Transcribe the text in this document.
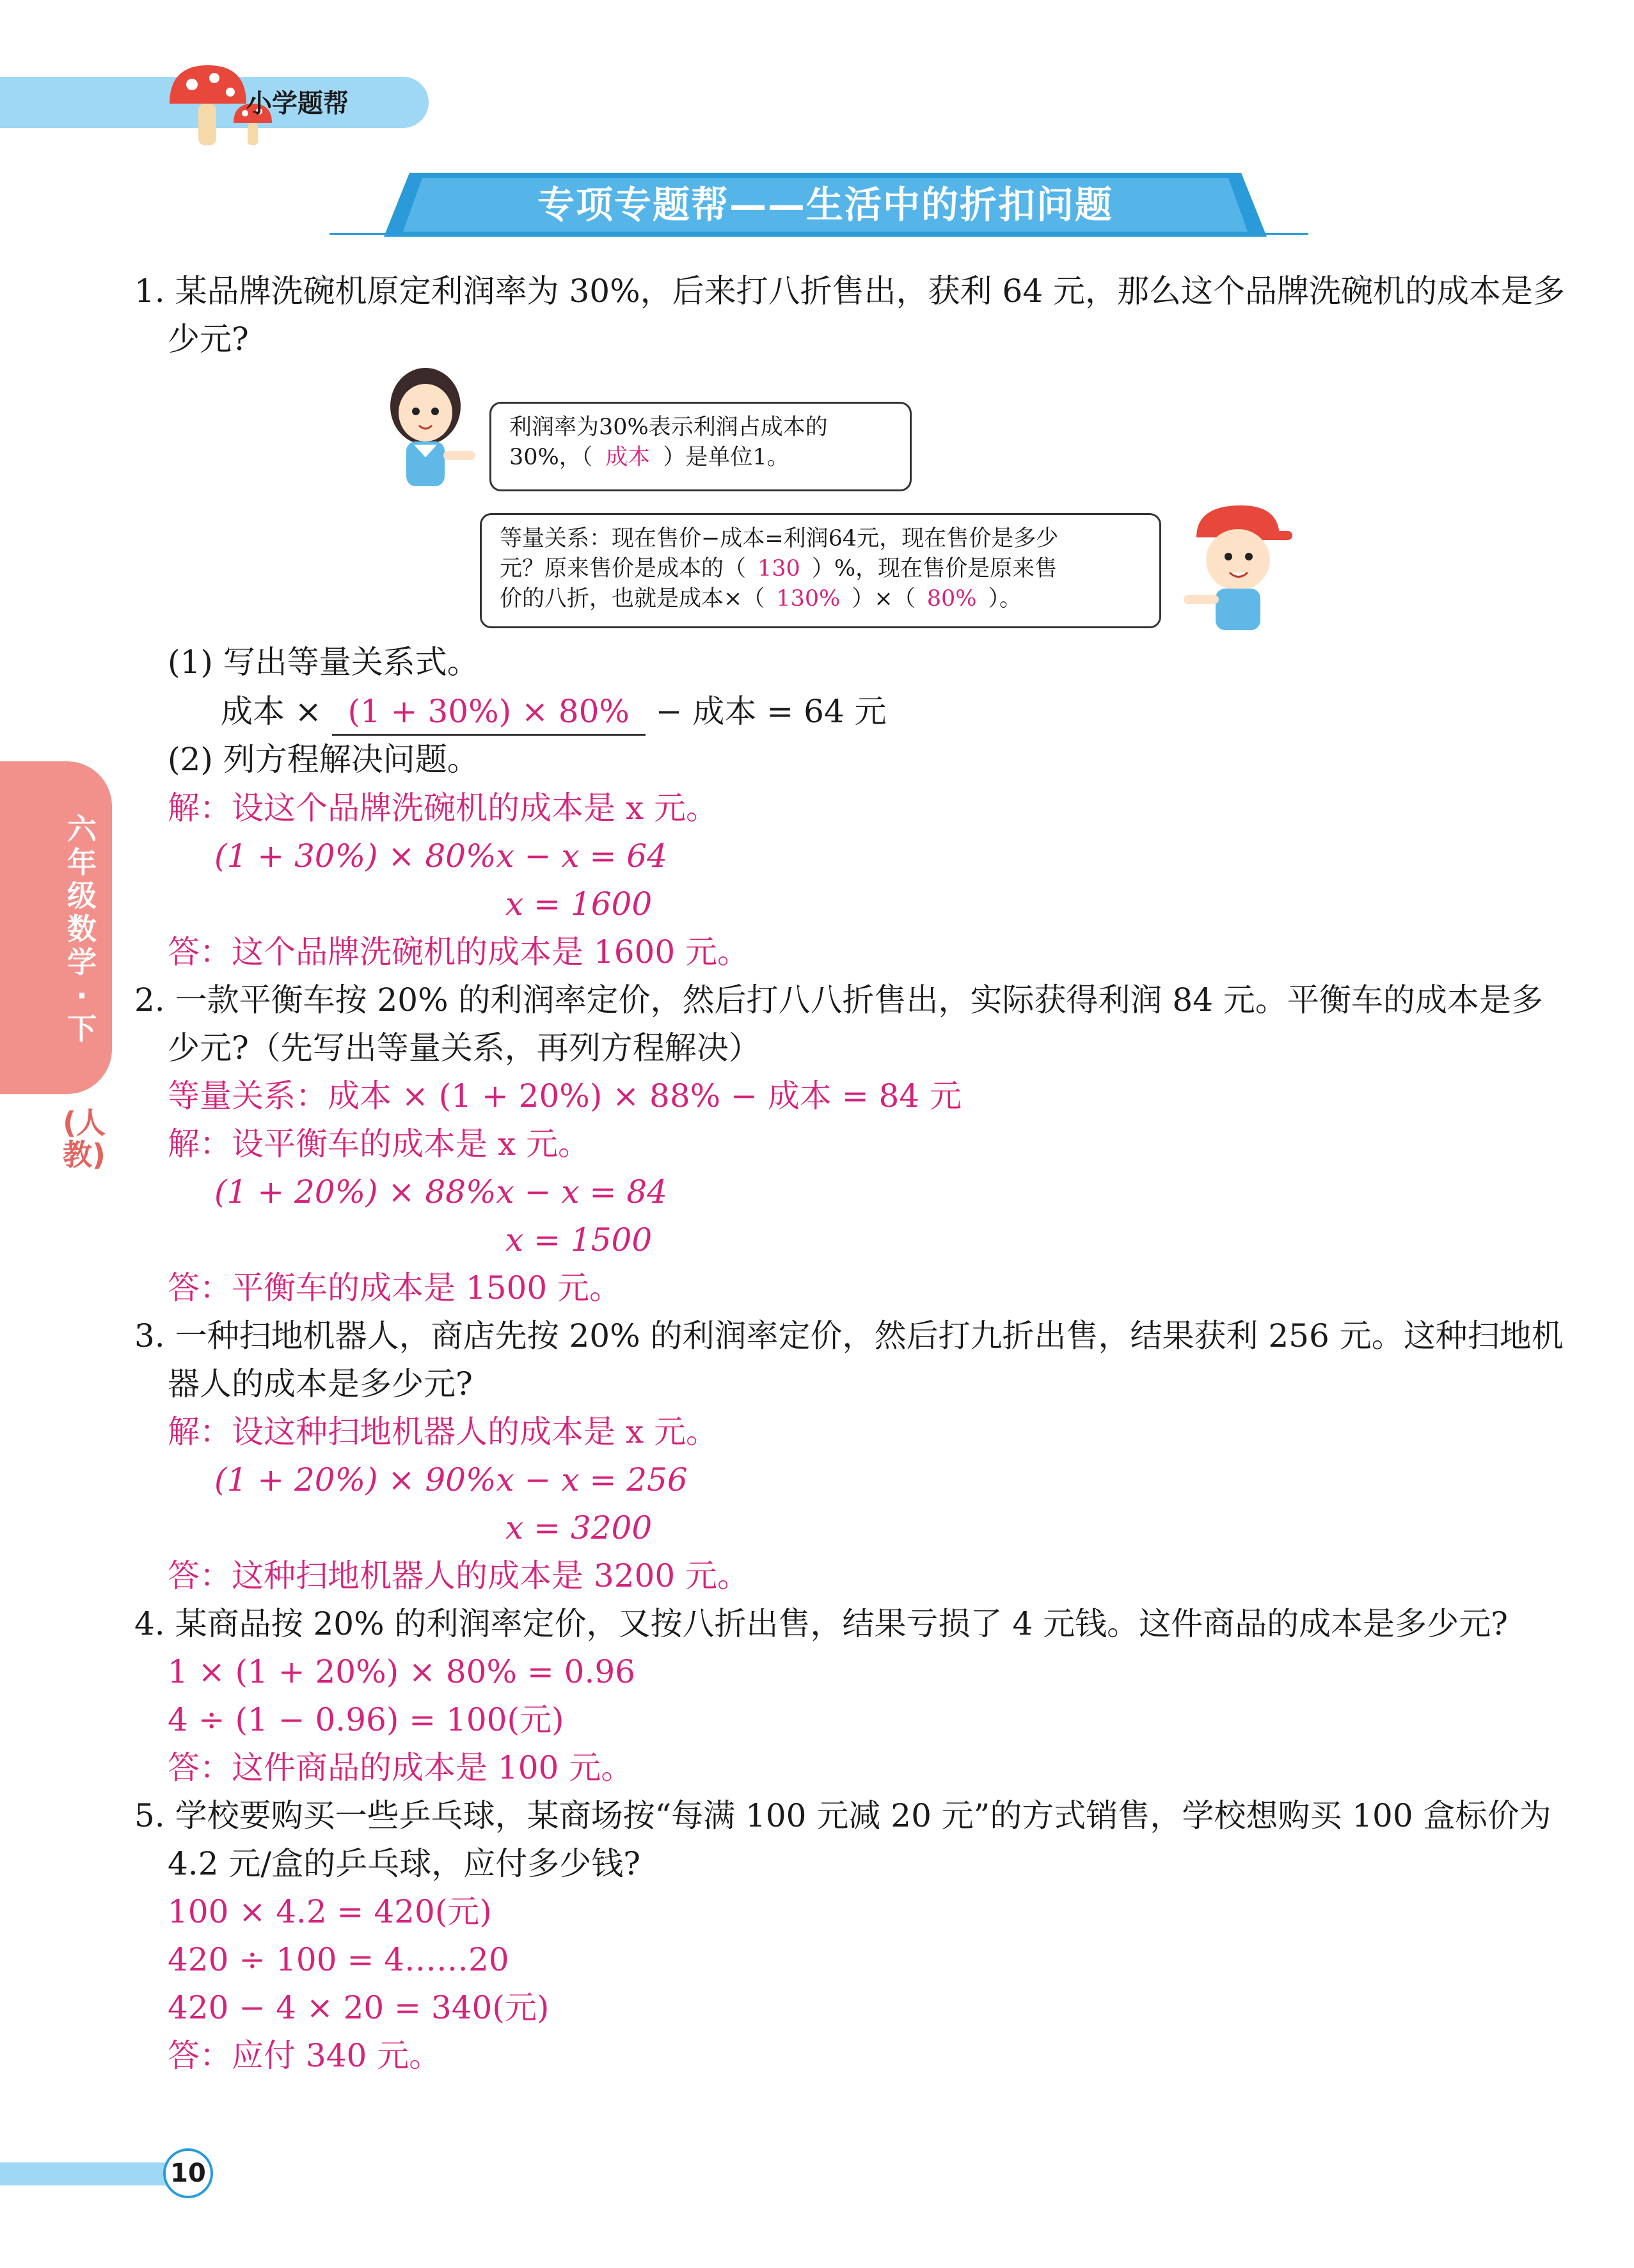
小学题帮
专项专题帮——生活中的折扣问题
六年级数学·下
(人教)
1. 某品牌洗碗机原定利润率为 30%，后来打八折售出，获利 64 元，那么这个品牌洗碗机的成本是多
少元?
利润率为30%表示利润占成本的
30%，（ 成本 ）是单位1。
等量关系：现在售价−成本=利润64元，现在售价是多少
元？原来售价是成本的（ 130 ）%，现在售价是原来售
价的八折，也就是成本×（ 130% ）×（ 80% ）。
(1) 写出等量关系式。
成本 × (1 + 30%) × 80% − 成本 = 64 元
(2) 列方程解决问题。
解：设这个品牌洗碗机的成本是 x 元。
(1 + 30%) × 80%x − x = 64
x = 1600
答：这个品牌洗碗机的成本是 1600 元。
2. 一款平衡车按 20% 的利润率定价，然后打八八折售出，实际获得利润 84 元。平衡车的成本是多
少元?（先写出等量关系，再列方程解决）
等量关系：成本 × (1 + 20%) × 88% − 成本 = 84 元
解：设平衡车的成本是 x 元。
(1 + 20%) × 88%x − x = 84
x = 1500
答：平衡车的成本是 1500 元。
3. 一种扫地机器人，商店先按 20% 的利润率定价，然后打九折出售，结果获利 256 元。这种扫地机
器人的成本是多少元?
解：设这种扫地机器人的成本是 x 元。
(1 + 20%) × 90%x − x = 256
x = 3200
答：这种扫地机器人的成本是 3200 元。
4. 某商品按 20% 的利润率定价，又按八折出售，结果亏损了 4 元钱。这件商品的成本是多少元?
1 × (1 + 20%) × 80% = 0.96
4 ÷ (1 − 0.96) = 100(元)
答：这件商品的成本是 100 元。
5. 学校要购买一些乒乓球，某商场按“每满 100 元减 20 元”的方式销售，学校想购买 100 盒标价为
4.2 元/盒的乒乓球，应付多少钱?
100 × 4.2 = 420(元)
420 ÷ 100 = 4……20
420 − 4 × 20 = 340(元)
答：应付 340 元。
10
